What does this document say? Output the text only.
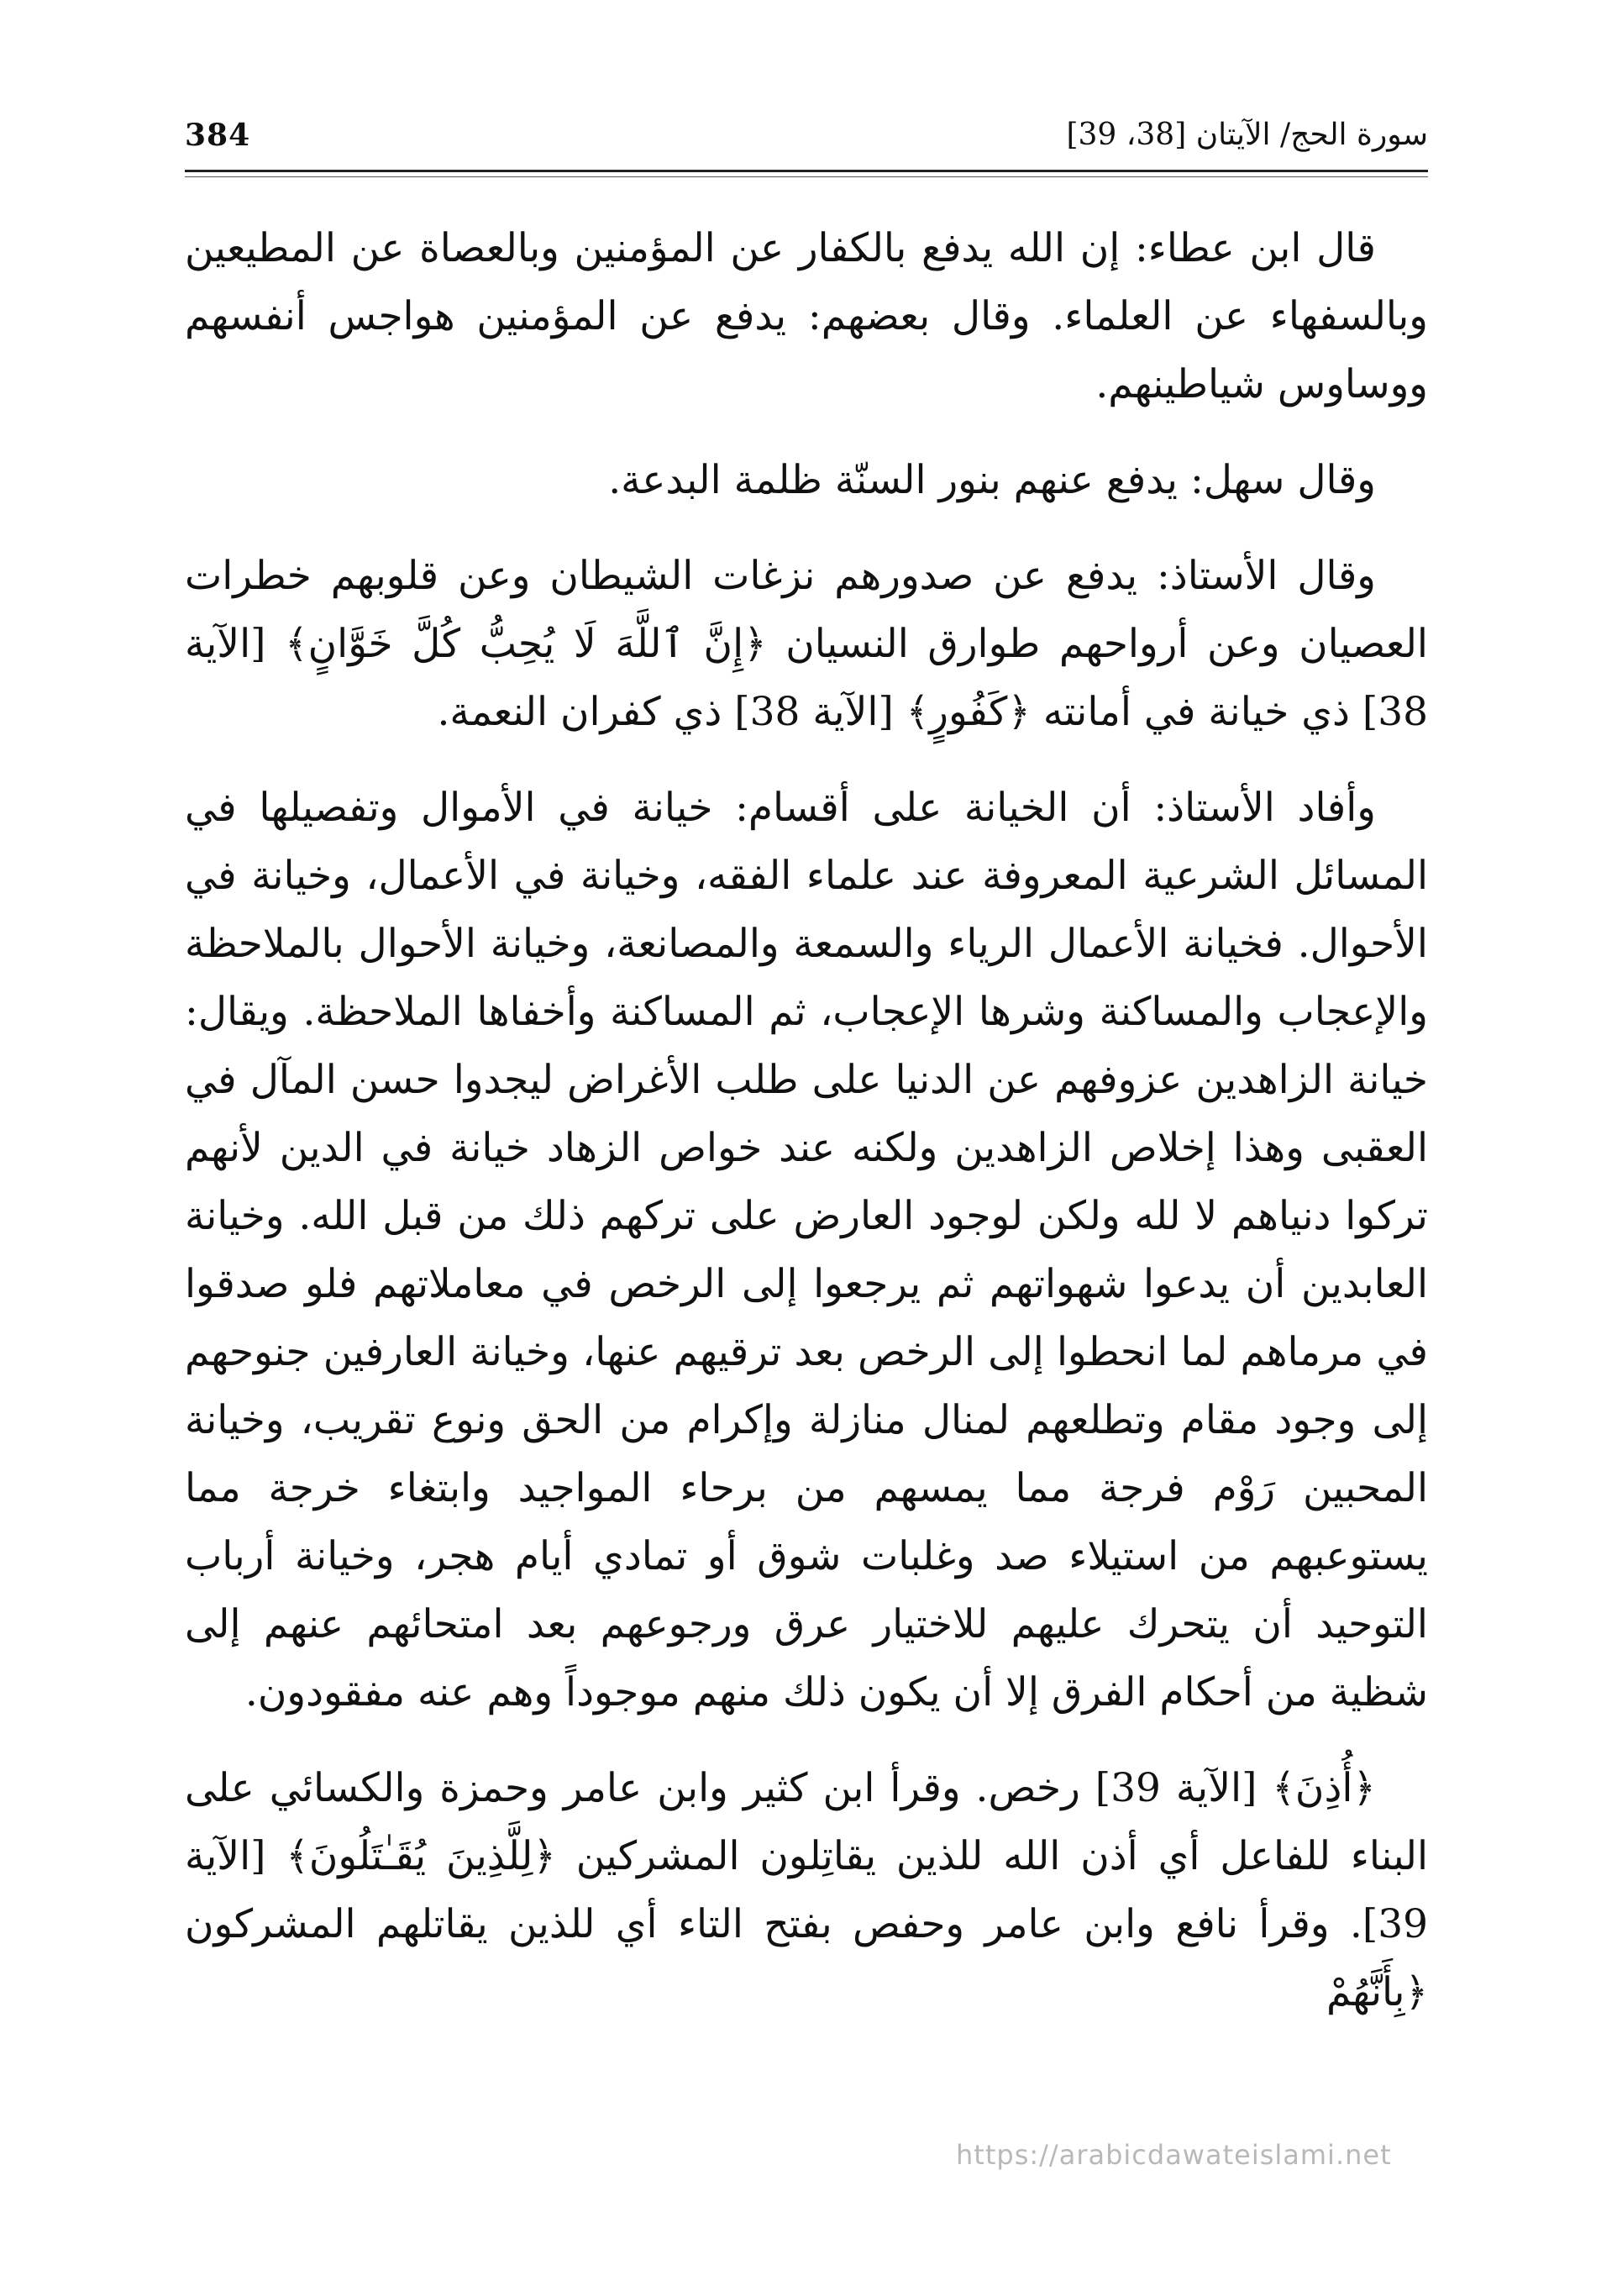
384	سورة الحج/ الآيتان [38، 39]

قال ابن عطاء: إن الله يدفع بالكفار عن المؤمنين وبالعصاة عن المطيعين وبالسفهاء عن العلماء. وقال بعضهم: يدفع عن المؤمنين هواجس أنفسهم ووساوس شياطينهم.

وقال سهل: يدفع عنهم بنور السنّة ظلمة البدعة.

وقال الأستاذ: يدفع عن صدورهم نزغات الشيطان وعن قلوبهم خطرات العصيان وعن أرواحهم طوارق النسيان ﴿إِنَّ ٱللَّهَ لَا يُحِبُّ كُلَّ خَوَّانٍ﴾ [الآية 38] ذي خيانة في أمانته ﴿كَفُورٍ﴾ [الآية 38] ذي كفران النعمة.

وأفاد الأستاذ: أن الخيانة على أقسام: خيانة في الأموال وتفصيلها في المسائل الشرعية المعروفة عند علماء الفقه، وخيانة في الأعمال، وخيانة في الأحوال. فخيانة الأعمال الرياء والسمعة والمصانعة، وخيانة الأحوال بالملاحظة والإعجاب والمساكنة وشرها الإعجاب، ثم المساكنة وأخفاها الملاحظة. ويقال: خيانة الزاهدين عزوفهم عن الدنيا على طلب الأغراض ليجدوا حسن المآل في العقبى وهذا إخلاص الزاهدين ولكنه عند خواص الزهاد خيانة في الدين لأنهم تركوا دنياهم لا لله ولكن لوجود العارض على تركهم ذلك من قبل الله. وخيانة العابدين أن يدعوا شهواتهم ثم يرجعوا إلى الرخص في معاملاتهم فلو صدقوا في مرماهم لما انحطوا إلى الرخص بعد ترقيهم عنها، وخيانة العارفين جنوحهم إلى وجود مقام وتطلعهم لمنال منازلة وإكرام من الحق ونوع تقريب، وخيانة المحبين رَوْم فرجة مما يمسهم من برحاء المواجيد وابتغاء خرجة مما يستوعبهم من استيلاء صد وغلبات شوق أو تمادي أيام هجر، وخيانة أرباب التوحيد أن يتحرك عليهم للاختيار عرق ورجوعهم بعد امتحائهم عنهم إلى شظية من أحكام الفرق إلا أن يكون ذلك منهم موجوداً وهم عنه مفقودون.

﴿أُذِنَ﴾ [الآية 39] رخص. وقرأ ابن كثير وابن عامر وحمزة والكسائي على البناء للفاعل أي أذن الله للذين يقاتِلون المشركين ﴿لِلَّذِينَ يُقَـٰتَلُونَ﴾ [الآية 39]. وقرأ نافع وابن عامر وحفص بفتح التاء أي للذين يقاتلهم المشركون ﴿بِأَنَّهُمْ

https://arabicdawateislami.net
